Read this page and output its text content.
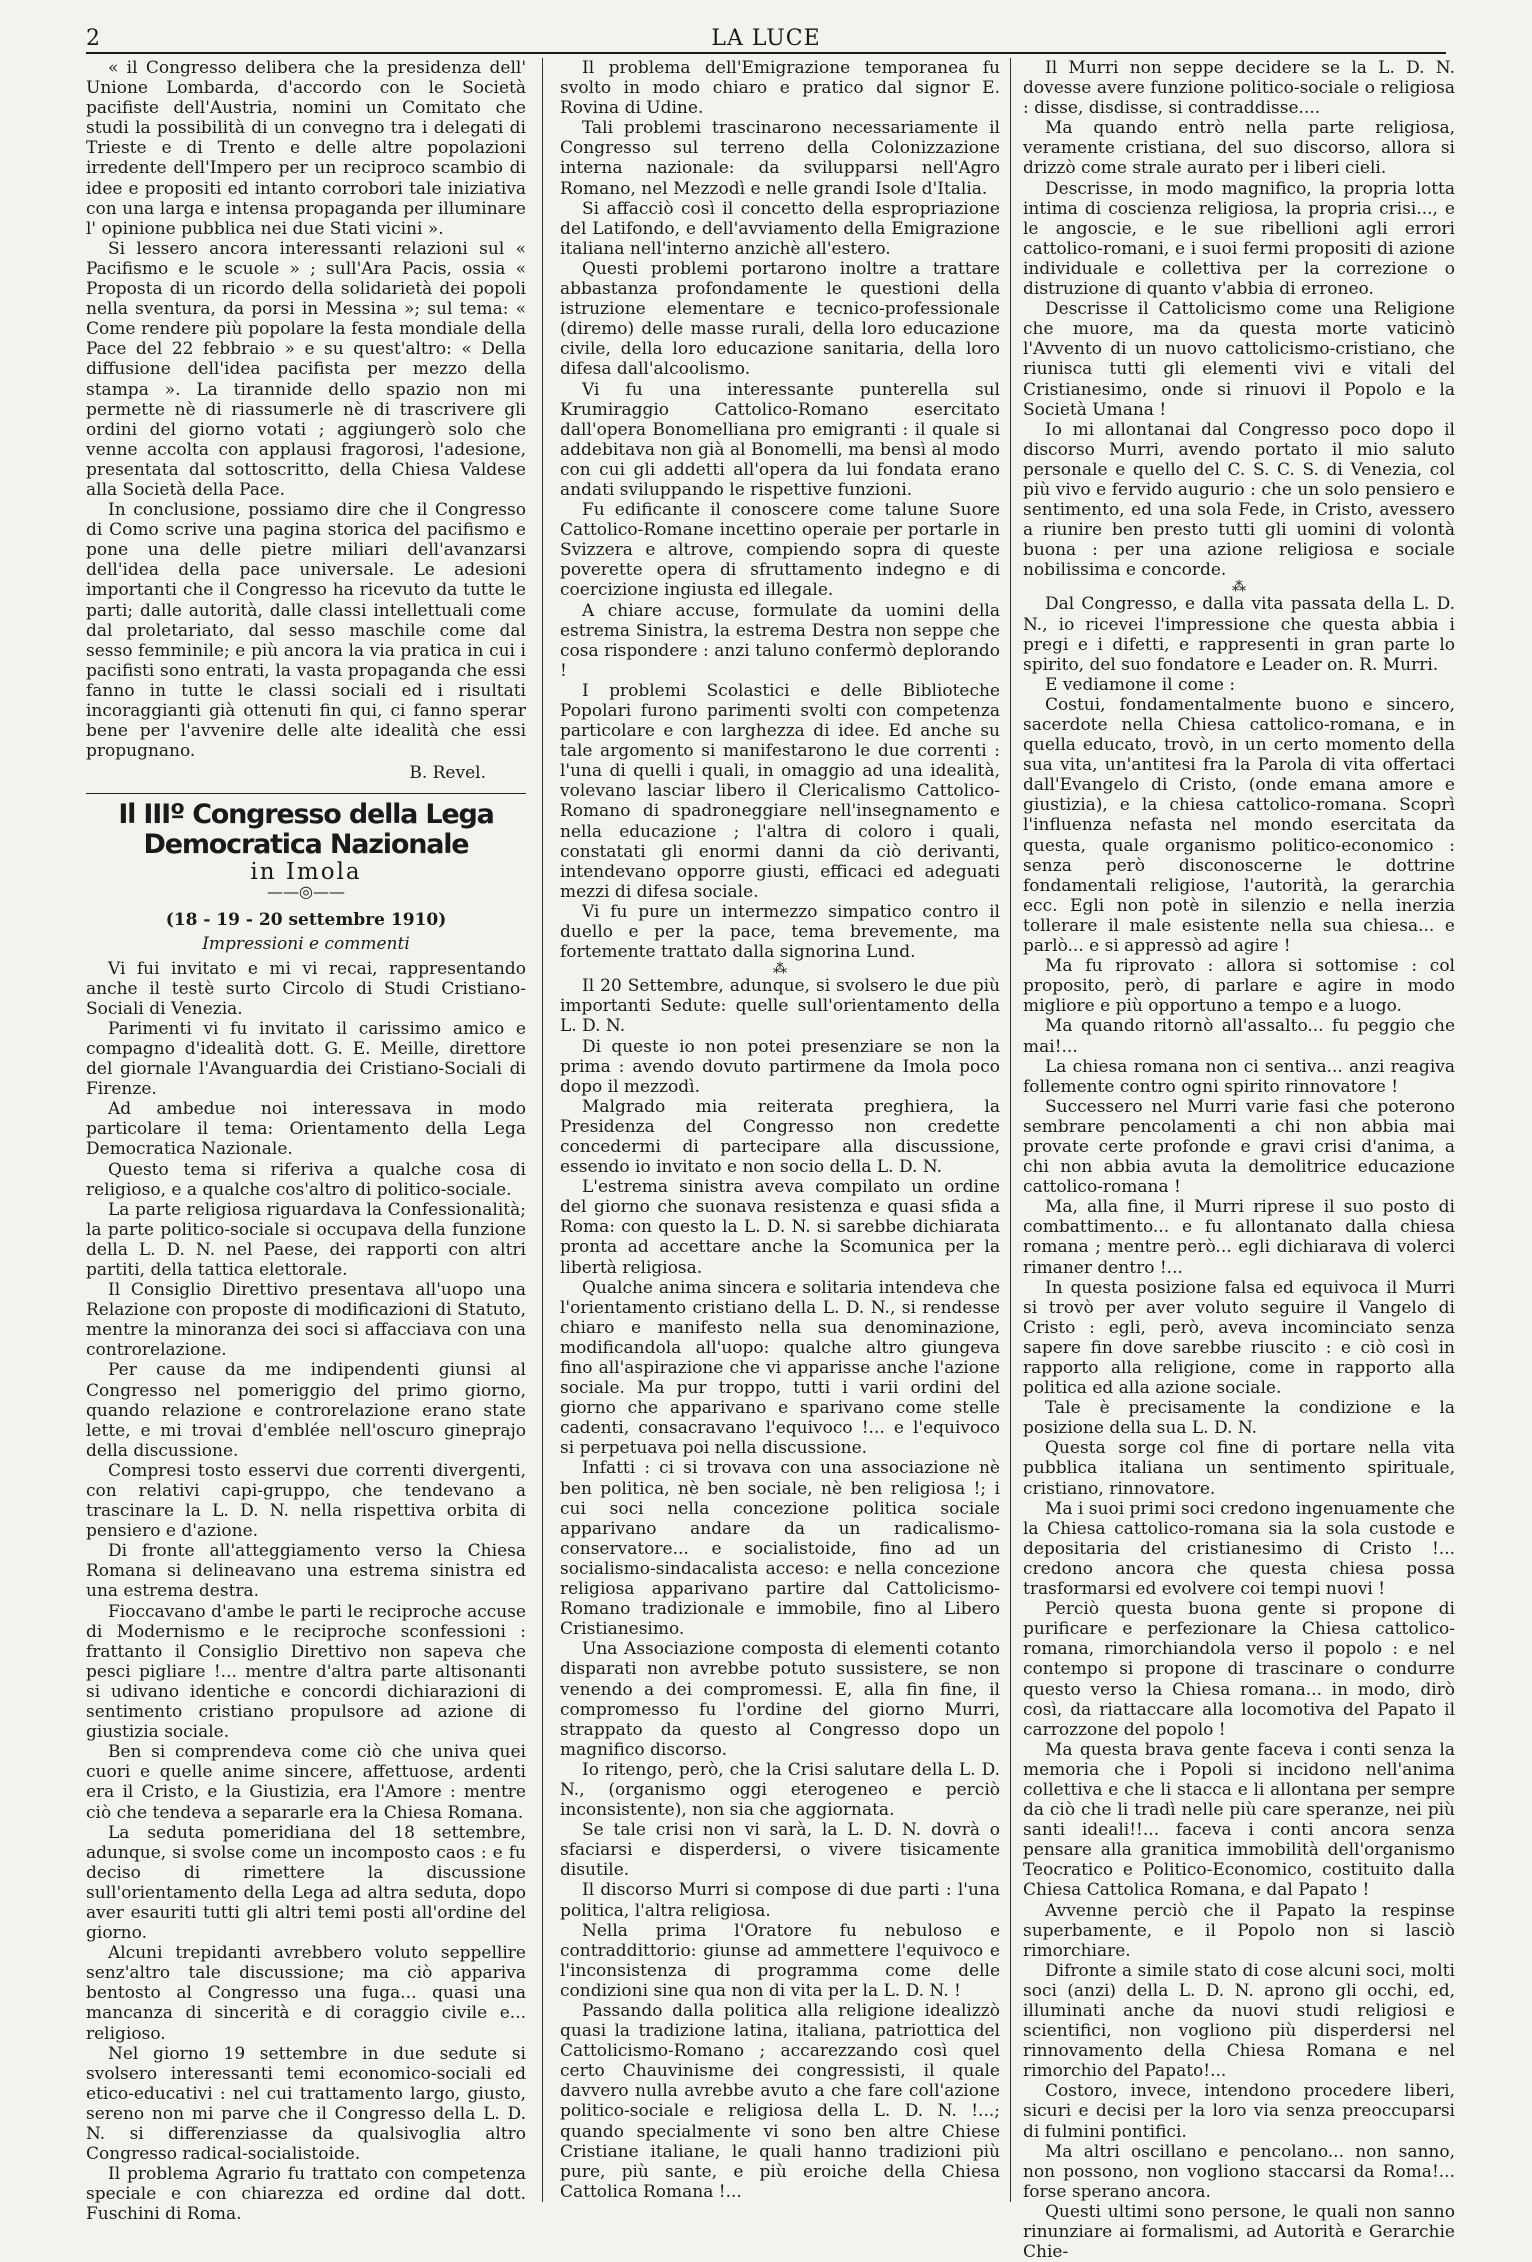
2	LA LUCE

« il Congresso delibera che la presidenza dell' Unione Lombarda, d'accordo con le Società pacifiste dell'Austria, nomini un Comitato che studi la possibilità di un convegno tra i delegati di Trieste e di Trento e delle altre popolazioni irredente dell'Impero per un reciproco scambio di idee e propositi ed intanto corrobori tale iniziativa con una larga e intensa propaganda per illuminare l' opinione pubblica nei due Stati vicini ».

Si lessero ancora interessanti relazioni sul « Pacifismo e le scuole » ; sull'Ara Pacis, ossia « Proposta di un ricordo della solidarietà dei popoli nella sventura, da porsi in Messina »; sul tema: « Come rendere più popolare la festa mondiale della Pace del 22 febbraio » e su quest'altro: « Della diffusione dell'idea pacifista per mezzo della stampa ». La tirannide dello spazio non mi permette nè di riassumerle nè di trascrivere gli ordini del giorno votati ; aggiungerò solo che venne accolta con applausi fragorosi, l'adesione, presentata dal sottoscritto, della Chiesa Valdese alla Società della Pace.

In conclusione, possiamo dire che il Congresso di Como scrive una pagina storica del pacifismo e pone una delle pietre miliari dell'avanzarsi dell'idea della pace universale. Le adesioni importanti che il Congresso ha ricevuto da tutte le parti; dalle autorità, dalle classi intellettuali come dal proletariato, dal sesso maschile come dal sesso femminile; e più ancora la via pratica in cui i pacifisti sono entrati, la vasta propaganda che essi fanno in tutte le classi sociali ed i risultati incoraggianti già ottenuti fin qui, ci fanno sperar bene per l'avvenire delle alte idealità che essi propugnano.

B. Revel.

Il IIIº Congresso della Lega Democratica Nazionale
in Imola
——◎——
(18 - 19 - 20 settembre 1910)
Impressioni e commenti

Vi fui invitato e mi vi recai, rappresentando anche il testè surto Circolo di Studi Cristiano-Sociali di Venezia.

Parimenti vi fu invitato il carissimo amico e compagno d'idealità dott. G. E. Meille, direttore del giornale l'Avanguardia dei Cristiano-Sociali di Firenze.

Ad ambedue noi interessava in modo particolare il tema: Orientamento della Lega Democratica Nazionale.

Questo tema si riferiva a qualche cosa di religioso, e a qualche cos'altro di politico-sociale.

La parte religiosa riguardava la Confessionalità; la parte politico-sociale si occupava della funzione della L. D. N. nel Paese, dei rapporti con altri partiti, della tattica elettorale.

Il Consiglio Direttivo presentava all'uopo una Relazione con proposte di modificazioni di Statuto, mentre la minoranza dei soci si affacciava con una controrelazione.

Per cause da me indipendenti giunsi al Congresso nel pomeriggio del primo giorno, quando relazione e controrelazione erano state lette, e mi trovai d'emblée nell'oscuro gineprajo della discussione.

Compresi tosto esservi due correnti divergenti, con relativi capi-gruppo, che tendevano a trascinare la L. D. N. nella rispettiva orbita di pensiero e d'azione.

Di fronte all'atteggiamento verso la Chiesa Romana si delineavano una estrema sinistra ed una estrema destra.

Fioccavano d'ambe le parti le reciproche accuse di Modernismo e le reciproche sconfessioni : frattanto il Consiglio Direttivo non sapeva che pesci pigliare !... mentre d'altra parte altisonanti si udivano identiche e concordi dichiarazioni di sentimento cristiano propulsore ad azione di giustizia sociale.

Ben si comprendeva come ciò che univa quei cuori e quelle anime sincere, affettuose, ardenti era il Cristo, e la Giustizia, era l'Amore : mentre ciò che tendeva a separarle era la Chiesa Romana.

La seduta pomeridiana del 18 settembre, adunque, si svolse come un incomposto caos : e fu deciso di rimettere la discussione sull'orientamento della Lega ad altra seduta, dopo aver esauriti tutti gli altri temi posti all'ordine del giorno.

Alcuni trepidanti avrebbero voluto seppellire senz'altro tale discussione; ma ciò appariva bentosto al Congresso una fuga... quasi una mancanza di sincerità e di coraggio civile e... religioso.

Nel giorno 19 settembre in due sedute si svolsero interessanti temi economico-sociali ed etico-educativi : nel cui trattamento largo, giusto, sereno non mi parve che il Congresso della L. D. N. si differenziasse da qualsivoglia altro Congresso radical-socialistoide.

Il problema Agrario fu trattato con competenza speciale e con chiarezza ed ordine dal dott. Fuschini di Roma.

Il problema dell'Emigrazione temporanea fu svolto in modo chiaro e pratico dal signor E. Rovina di Udine.

Tali problemi trascinarono necessariamente il Congresso sul terreno della Colonizzazione interna nazionale: da svilupparsi nell'Agro Romano, nel Mezzodì e nelle grandi Isole d'Italia.

Si affacciò così il concetto della espropriazione del Latifondo, e dell'avviamento della Emigrazione italiana nell'interno anzichè all'estero.

Questi problemi portarono inoltre a trattare abbastanza profondamente le questioni della istruzione elementare e tecnico-professionale (diremo) delle masse rurali, della loro educazione civile, della loro educazione sanitaria, della loro difesa dall'alcoolismo.

Vi fu una interessante punterella sul Krumiraggio Cattolico-Romano esercitato dall'opera Bonomelliana pro emigranti : il quale si addebitava non già al Bonomelli, ma bensì al modo con cui gli addetti all'opera da lui fondata erano andati sviluppando le rispettive funzioni.

Fu edificante il conoscere come talune Suore Cattolico-Romane incettino operaie per portarle in Svizzera e altrove, compiendo sopra di queste poverette opera di sfruttamento indegno e di coercizione ingiusta ed illegale.

A chiare accuse, formulate da uomini della estrema Sinistra, la estrema Destra non seppe che cosa rispondere : anzi taluno confermò deplorando !

I problemi Scolastici e delle Biblioteche Popolari furono parimenti svolti con competenza particolare e con larghezza di idee. Ed anche su tale argomento si manifestarono le due correnti : l'una di quelli i quali, in omaggio ad una idealità, volevano lasciar libero il Clericalismo Cattolico-Romano di spadroneggiare nell'insegnamento e nella educazione ; l'altra di coloro i quali, constatati gli enormi danni da ciò derivanti, intendevano opporre giusti, efficaci ed adeguati mezzi di difesa sociale.

Vi fu pure un intermezzo simpatico contro il duello e per la pace, tema brevemente, ma fortemente trattato dalla signorina Lund.

⁂

Il 20 Settembre, adunque, si svolsero le due più importanti Sedute: quelle sull'orientamento della L. D. N.

Di queste io non potei presenziare se non la prima : avendo dovuto partirmene da Imola poco dopo il mezzodì.

Malgrado mia reiterata preghiera, la Presidenza del Congresso non credette concedermi di parteciparе alla discussione, essendo io invitato e non socio della L. D. N.

L'estrema sinistra aveva compilato un ordine del giorno che suonava resistenza e quasi sfida a Roma: con questo la L. D. N. si sarebbe dichiarata pronta ad accettare anche la Scomunica per la libertà religiosa.

Qualche anima sincera e solitaria intendeva che l'orientamento cristiano della L. D. N., si rendesse chiaro e manifesto nella sua denominazione, modificandola all'uopo: qualche altro giungeva fino all'aspirazione che vi apparisse anche l'azione sociale. Ma pur troppo, tutti i varii ordini del giorno che apparivano e sparivano come stelle cadenti, consacravano l'equivoco !... e l'equivoco si perpetuava poi nella discussione.

Infatti : ci si trovava con una associazione nè ben politica, nè ben sociale, nè ben religiosa !; i cui soci nella concezione politica sociale apparivano andare da un radicalismo-conservatore... e socialistoide, fino ad un socialismo-sindacalista acceso: e nella concezione religiosa apparivano partire dal Cattolicismo-Romano tradizionale e immobile, fino al Libero Cristianesimo.

Una Associazione composta di elementi cotanto disparati non avrebbe potuto sussistere, se non venendo a dei compromessi. E, alla fin fine, il compromesso fu l'ordine del giorno Murri, strappato da questo al Congresso dopo un magnifico discorso.

Io ritengo, però, che la Crisi salutare della L. D. N., (organismo oggi eterogeneo e perciò inconsistente), non sia che aggiornata.

Se tale crisi non vi sarà, la L. D. N. dovrà o sfaciarsi e disperdersi, o vivere tisicamente disutile.

Il discorso Murri si compose di due parti : l'una politica, l'altra religiosa.

Nella prima l'Oratore fu nebuloso e contraddittorio: giunse ad ammettere l'equivoco e l'inconsistenza di programma come delle condizioni sine qua non di vita per la L. D. N. !

Passando dalla politica alla religione idealizzò quasi la tradizione latina, italiana, patriottica del Cattolicismo-Romano ; accarezzando così quel certo Chauvinisme dei congressisti, il quale davvero nulla avrebbe avuto a che fare coll'azione politico-sociale e religiosa della L. D. N. !...; quando specialmente vi sono ben altre Chiese Cristiane italiane, le quali hanno tradizioni più pure, più sante, e più eroiche della Chiesa Cattolica Romana !...

Il Murri non seppe decidere se la L. D. N. dovesse avere funzione politico-sociale o religiosa : disse, disdisse, si contraddisse....

Ma quando entrò nella parte religiosa, veramente cristiana, del suo discorso, allora si drizzò come strale aurato per i liberi cieli.

Descrisse, in modo magnifico, la propria lotta intima di coscienza religiosa, la propria crisi..., e le angoscie, e le sue ribellioni agli errori cattolico-romani, e i suoi fermi propositi di azione individuale e collettiva per la correzione o distruzione di quanto v'abbia di erroneo.

Descrisse il Cattolicismo come una Religione che muore, ma da questa morte vaticinò l'Avvento di un nuovo cattolicismo-cristiano, che riunisca tutti gli elementi vivi e vitali del Cristianesimo, onde si rinuovi il Popolo e la Società Umana !

Io mi allontanai dal Congresso poco dopo il discorso Murri, avendo portato il mio saluto personale e quello del C. S. C. S. di Venezia, col più vivo e fervido augurio : che un solo pensiero e sentimento, ed una sola Fede, in Cristo, avessero a riunire ben presto tutti gli uomini di volontà buona : per una azione religiosa e sociale nobilissima e concorde.

⁂

Dal Congresso, e dalla vita passata della L. D. N., io ricevei l'impressione che questa abbia i pregi e i difetti, e rappresenti in gran parte lo spirito, del suo fondatore e Leader on. R. Murri.

E vediamone il come :

Costui, fondamentalmente buono e sincero, sacerdote nella Chiesa cattolico-romana, e in quella educato, trovò, in un certo momento della sua vita, un'antitesi fra la Parola di vita offertaci dall'Evangelo di Cristo, (onde emana amore e giustizia), e la chiesa cattolico-romana. Scoprì l'influenza nefasta nel mondo esercitata da questa, quale organismo politico-economico : senza però disconoscerne le dottrine fondamentali religiose, l'autorità, la gerarchia ecc. Egli non potè in silenzio e nella inerzia tollerare il male esistente nella sua chiesa... e parlò... e si appressò ad agire !

Ma fu riprovato : allora si sottomise : col proposito, però, di parlare e agire in modo migliore e più opportuno a tempo e a luogo.

Ma quando ritornò all'assalto... fu peggio che mai!...

La chiesa romana non ci sentiva... anzi reagiva follemente contro ogni spirito rinnovatore !

Successero nel Murri varie fasi che poterono sembrare pencolamenti a chi non abbia mai provate certe profonde e gravi crisi d'anima, a chi non abbia avuta la demolitrice educazione cattolico-romana !

Ma, alla fine, il Murri riprese il suo posto di combattimento... e fu allontanato dalla chiesa romana ; mentre però... egli dichiarava di volerci rimaner dentro !...

In questa posizione falsa ed equivoca il Murri si trovò per aver voluto seguire il Vangelo di Cristo : egli, però, aveva incominciato senza sapere fin dove sarebbe riuscito : e ciò così in rapporto alla religione, come in rapporto alla politica ed alla azione sociale.

Tale è precisamente la condizione e la posizione della sua L. D. N.

Questa sorge col fine di portare nella vita pubblica italiana un sentimento spirituale, cristiano, rinnovatore.

Ma i suoi primi soci credono ingenuamente che la Chiesa cattolico-romana sia la sola custode e depositaria del cristianesimo di Cristo !... credono ancora che questa chiesa possa trasformarsi ed evolvere coi tempi nuovi !

Perciò questa buona gente si propone di purificare e perfezionare la Chiesa cattolico-romana, rimorchiandola verso il popolo : e nel contempo si propone di trascinare o condurre questo verso la Chiesa romana... in modo, dirò così, da riattaccare alla locomotiva del Papato il carrozzone del popolo !

Ma questa brava gente faceva i conti senza la memoria che i Popoli si incidono nell'anima collettiva e che li stacca e li allontana per sempre da ciò che li tradì nelle più care speranze, nei più santi ideali!!... faceva i conti ancora senza pensare alla granitica immobilità dell'organismo Teocratico e Politico-Economico, costituito dalla Chiesa Cattolica Romana, e dal Papato !

Avvenne perciò che il Papato la respinse superbamente, e il Popolo non si lasciò rimorchiare.

Difronte a simile stato di cose alcuni soci, molti soci (anzi) della L. D. N. aprono gli occhi, ed, illuminati anche da nuovi studi religiosi e scientifici, non vogliono più disperdersi nel rinnovamento della Chiesa Romana e nel rimorchio del Papato!...

Costoro, invece, intendono procedere liberi, sicuri e decisi per la loro via senza preoccuparsi di fulmini pontifici.

Ma altri oscillano e pencolano... non sanno, non possono, non vogliono staccarsi da Roma!... forse sperano ancora.

Questi ultimi sono persone, le quali non sanno rinunziare ai formalismi, ad Autorità e Gerarchie Chie-
